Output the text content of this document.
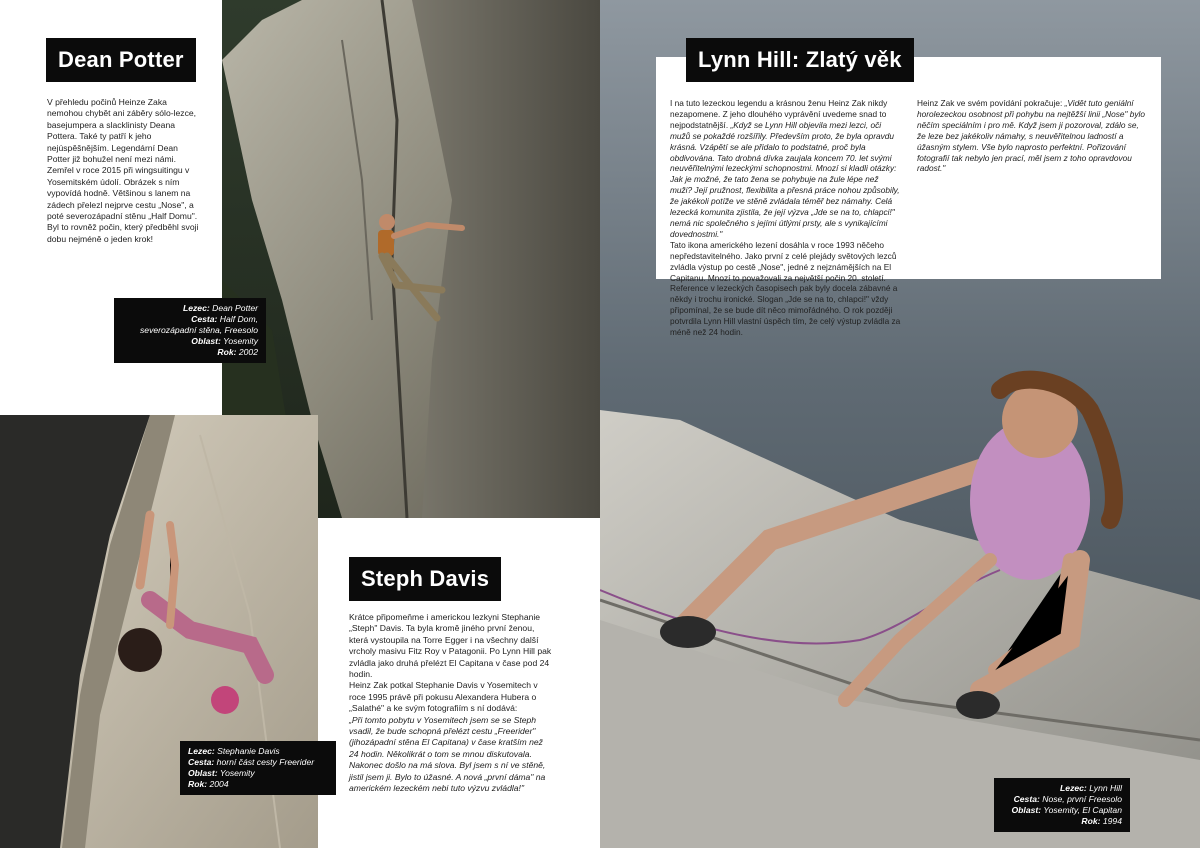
Dean Potter
V přehledu počinů Heinze Zaka nemohou chybět ani záběry sólo-lezce, basejumpera a slacklinisty Deana Pottera. Také ty patří k jeho nejúspěšnějším. Legendární Dean Potter již bohužel není mezi námi. Zemřel v roce 2015 při wingsuitingu v Yosemitském údolí. Obrázek s ním vypovídá hodně. Většinou s lanem na zádech přelezl nejprve cestu „Nose", a poté severozápadní stěnu „Half Domu". Byl to rovněž počin, který předběhl svoji dobu nejméně o jeden krok!
Lezec: Dean Potter
Cesta: Half Dom,
severozápadní stěna, Freesolo
Oblast: Yosemity
Rok: 2002
Steph Davis

Krátce připomeňme i americkou lezkyni Stephanie „Steph" Davis. Ta byla kromě jiného první ženou, která vystoupila na Torre Egger i na všechny další vrcholy masivu Fitz Roy v Patagonii. Po Lynn Hill pak zvládla jako druhá přelézt El Capitana v čase pod 24 hodin.

Heinz Zak potkal Stephanie Davis v Yosemitech v roce 1995 právě při pokusu Alexandera Hubera o „Salathé" a ke svým fotografiím s ní dodává:

„Při tomto pobytu v Yosemitech jsem se se Steph vsadil, že bude schopná přelézt cestu „Freerider" (jihozápadní stěna El Capitana) v čase kratším než 24 hodin. Několikrát o tom se mnou diskutovala. Nakonec došlo na má slova. Byl jsem s ní ve stěně, jistil jsem ji. Bylo to úžasné. A nová „první dáma" na americkém lezeckém nebi tuto výzvu zvládla!"

Lezec: Stephanie Davis
Cesta: horní část cesty Freerider
Oblast: Yosemity
Rok: 2004
Lynn Hill: Zlatý věk

I na tuto lezeckou legendu a krásnou ženu Heinz Zak nikdy nezapomene. Z jeho dlouhého vyprávění uvedeme snad to nejpodstatnější. „Když se Lynn Hill objevila mezi lezci, oči mužů se pokaždé rozšířily. Především proto, že byla opravdu krásná. Vzápětí se ale přidalo to podstatné, proč byla obdivována. Tato drobná dívka zaujala koncem 70. let svými neuvěřitelnými lezeckými schopnostmi. Mnozí si kladli otázky: Jak je možné, že tato žena se pohybuje na žule lépe než muži? Její pružnost, flexibilita a přesná práce nohou způsobily, že jakékoli potíže ve stěně zvládala téměř bez námahy. Celá lezecká komunita zjistila, že její výzva „Jde se na to, chlapci!" nemá nic společného s jejími útlými prsty, ale s vynikajícími dovednostmi."

Tato ikona amerického lezení dosáhla v roce 1993 něčeho nepředstavitelného. Jako první z celé plejády světových lezců zvládla výstup po cestě „Nose", jedné z nejznámějších na El Capitanu. Mnozí to považovali za největší počin 20. století. Reference v lezeckých časopisech pak byly docela zábavné a někdy i trochu ironické. Slogan „Jde se na to, chlapci!" vždy připomínal, že se bude dít něco mimořádného. O rok později potvrdila Lynn Hill vlastní úspěch tím, že celý výstup zvládla za méně než 24 hodin.

Heinz Zak ve svém povídání pokračuje: „Vidět tuto geniální horolezeckou osobnost při pohybu na nejtěžší linii „Nose" bylo něčím speciálním i pro mě. Když jsem ji pozoroval, zdálo se, že leze bez jakékoliv námahy, s neuvěřitelnou ladností a úžasným stylem. Vše bylo naprosto perfektní. Pořizování fotografií tak nebylo jen prací, měl jsem z toho opravdovou radost."

Lezec: Lynn Hill
Cesta: Nose, první Freesolo
Oblast: Yosemity, El Capitan
Rok: 1994
